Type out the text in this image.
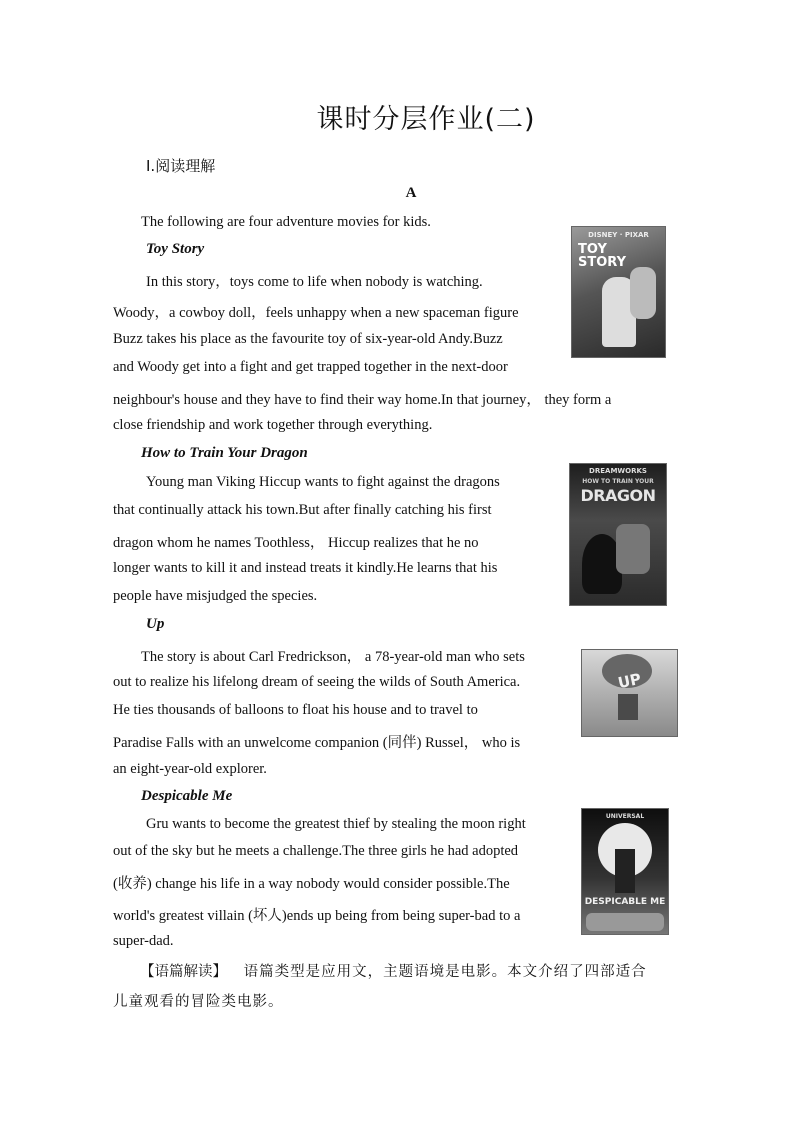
课时分层作业(二)
Ⅰ.阅读理解
A
The following are four adventure movies for kids.
Toy Story
In this story，toys come to life when nobody is watching.
Woody，a cowboy doll，feels unhappy when a new spaceman figure
Buzz takes his place as the favourite toy of six-year-old Andy.Buzz
and Woody get into a fight and get trapped together in the next-door
neighbour's house and they have to find their way home.In that journey， they form a
close friendship and work together through everything.
DISNEY · PIXAR
TOY STORY
How to Train Your Dragon
Young man Viking Hiccup wants to fight against the dragons
that continually attack his town.But after finally catching his first
dragon whom he names Toothless， Hiccup realizes that he no
longer wants to kill it and instead treats it kindly.He learns that his
people have misjudged the species.
DREAMWORKS
HOW TO TRAIN YOUR
DRAGON
Up
The story is about Carl Fredrickson， a 78-year-old man who sets
out to realize his lifelong dream of seeing the wilds of South America.
He ties thousands of balloons to float his house and to travel to
Paradise Falls with an unwelcome companion (同伴) Russel， who is
an eight-year-old explorer.
UP
Despicable Me
Gru wants to become the greatest thief by stealing the moon right
out of the sky but he meets a challenge.The three girls he had adopted
(收养) change his life in a way nobody would consider possible.The
world's greatest villain (坏人)ends up being from being super-bad to a
super-dad.
UNIVERSAL
DESPICABLE ME
【语篇解读】 语篇类型是应用文，主题语境是电影。本文介绍了四部适合
儿童观看的冒险类电影。
